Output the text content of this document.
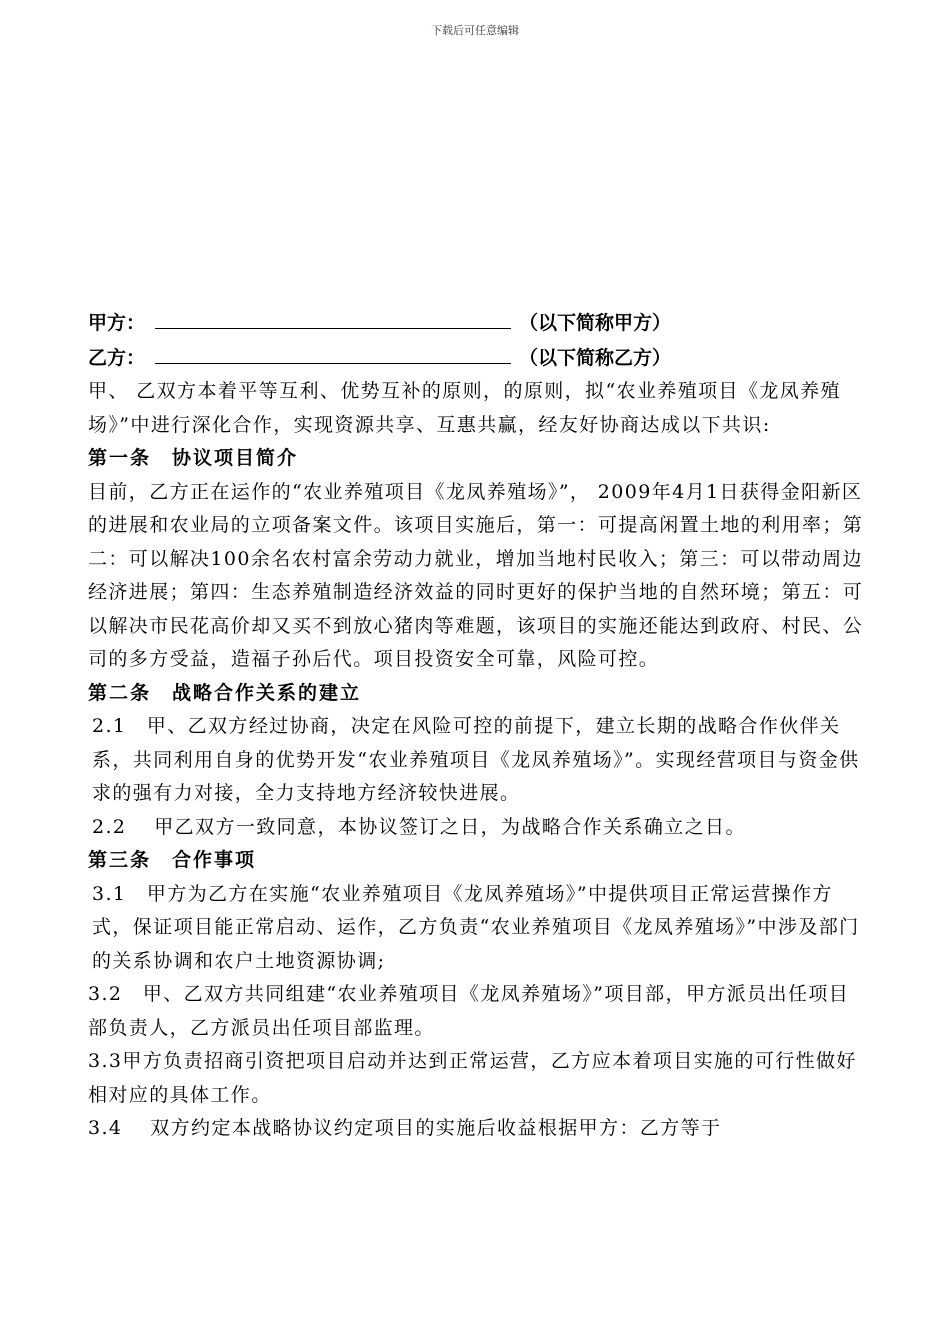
下载后可任意编辑
甲方：	（以下简称甲方）
乙方：	（以下简称乙方）

甲、 乙双方本着平等互利、优势互补的原则，的原则，拟“农业养殖项目《龙凤养殖场》”中进行深化合作，实现资源共享、互惠共赢，经友好协商达成以下共识:

第一条　协议项目简介

目前，乙方正在运作的“农业养殖项目《龙凤养殖场》”， 2009年4月1日获得金阳新区的进展和农业局的立项备案文件。该项目实施后，第一：可提高闲置土地的利用率；第二：可以解决100余名农村富余劳动力就业，增加当地村民收入；第三：可以带动周边经济进展；第四：生态养殖制造经济效益的同时更好的保护当地的自然环境；第五：可以解决市民花高价却又买不到放心猪肉等难题，该项目的实施还能达到政府、村民、公司的多方受益，造福子孙后代。项目投资安全可靠，风险可控。

第二条　战略合作关系的建立

2.1　甲、乙双方经过协商，决定在风险可控的前提下，建立长期的战略合作伙伴关系，共同利用自身的优势开发“农业养殖项目《龙凤养殖场》”。实现经营项目与资金供求的强有力对接，全力支持地方经济较快进展。

2.2　 甲乙双方一致同意，本协议签订之日，为战略合作关系确立之日。

第三条　合作事项

3.1　甲方为乙方在实施“农业养殖项目《龙凤养殖场》”中提供项目正常运营操作方式，保证项目能正常启动、运作，乙方负责“农业养殖项目《龙凤养殖场》”中涉及部门的关系协调和农户土地资源协调;

3.2　甲、乙双方共同组建“农业养殖项目《龙凤养殖场》”项目部，甲方派员出任项目部负责人，乙方派员出任项目部监理。

3.3甲方负责招商引资把项目启动并达到正常运营，乙方应本着项目实施的可行性做好相对应的具体工作。

3.4　 双方约定本战略协议约定项目的实施后收益根据甲方：乙方等于
